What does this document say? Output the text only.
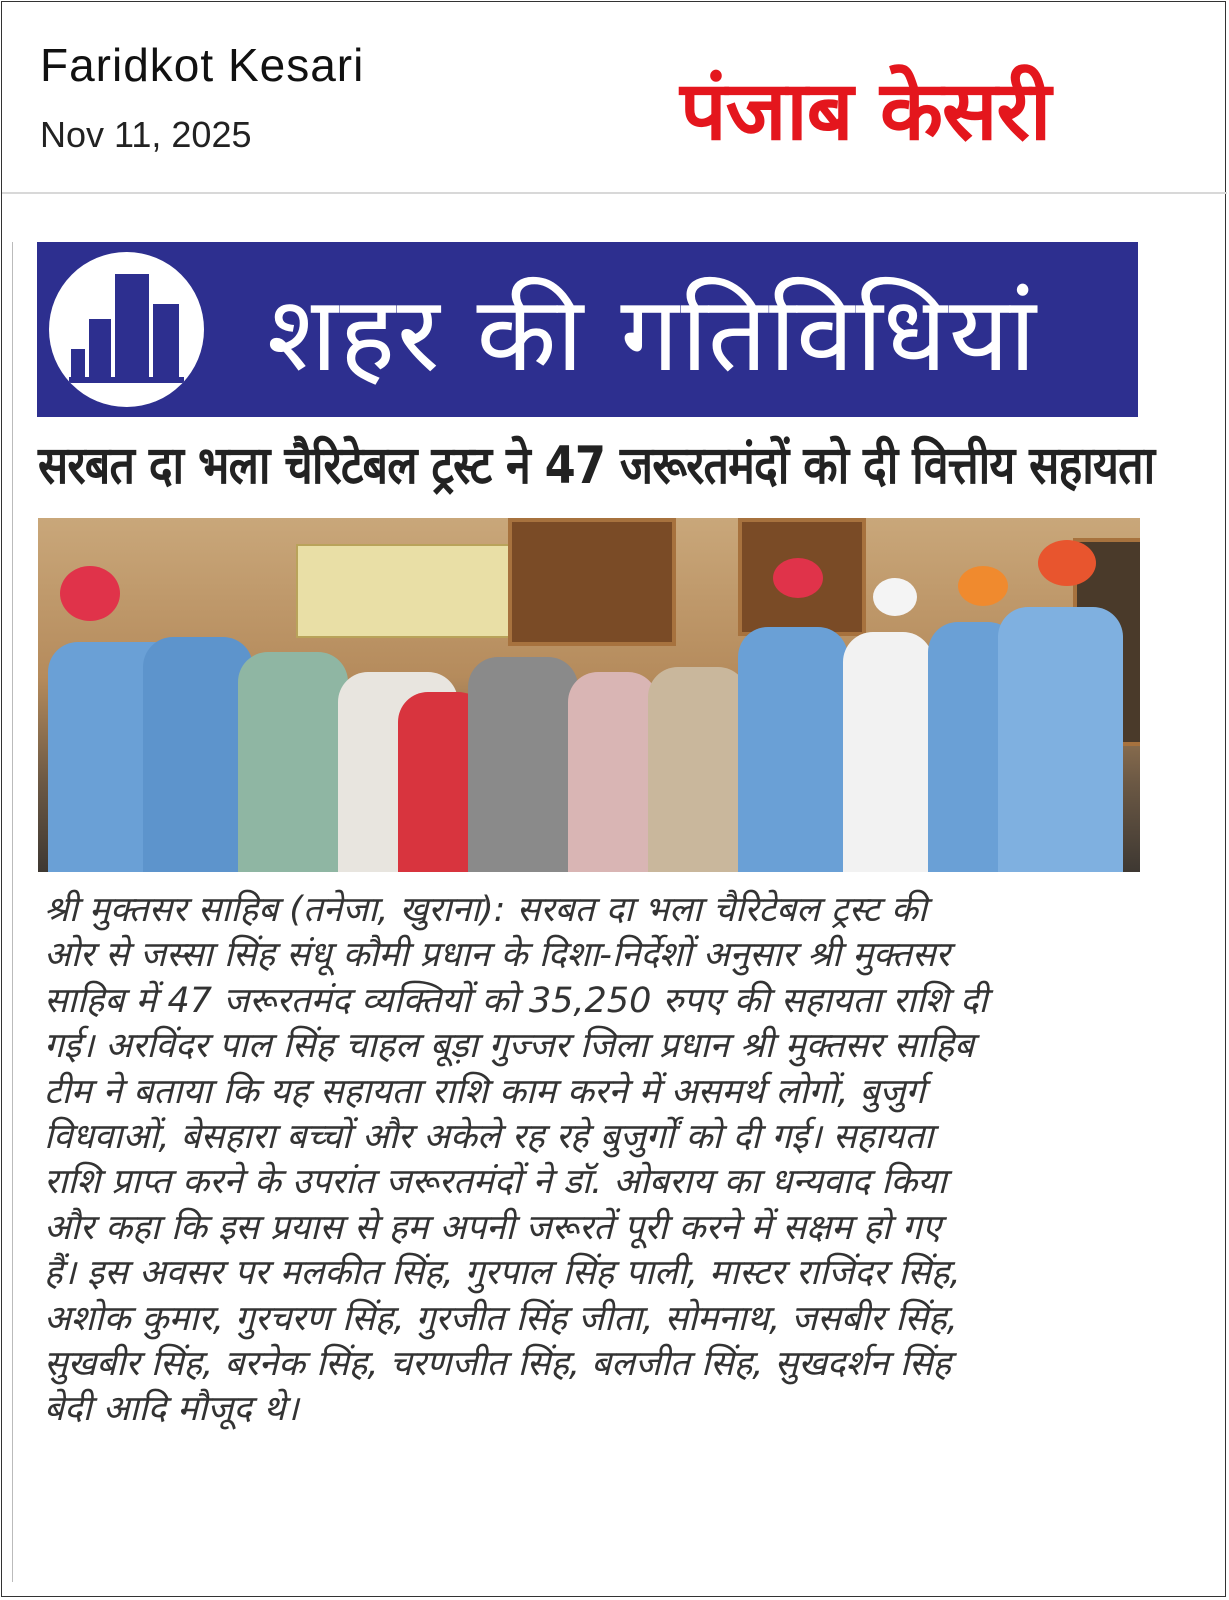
Faridkot Kesari
Nov 11, 2025	पंजाब केसरी
शहर की गतिविधियां
सरबत दा भला चैरिटेबल ट्रस्ट ने 47 जरूरतमंदों को दी वित्तीय सहायता
श्री मुक्तसर साहिब (तनेजा, खुराना): सरबत दा भला चैरिटेबल ट्रस्ट की
ओर से जस्सा सिंह संधू कौमी प्रधान के दिशा-निर्देशों अनुसार श्री मुक्तसर
साहिब में 47 जरूरतमंद व्यक्तियों को 35,250 रुपए की सहायता राशि दी
गई। अरविंदर पाल सिंह चाहल बूड़ा गुज्जर जिला प्रधान श्री मुक्तसर साहिब
टीम ने बताया कि यह सहायता राशि काम करने में असमर्थ लोगों, बुजुर्ग
विधवाओं, बेसहारा बच्चों और अकेले रह रहे बुजुर्गों को दी गई। सहायता
राशि प्राप्त करने के उपरांत जरूरतमंदों ने डॉ. ओबराय का धन्यवाद किया
और कहा कि इस प्रयास से हम अपनी जरूरतें पूरी करने में सक्षम हो गए
हैं। इस अवसर पर मलकीत सिंह, गुरपाल सिंह पाली, मास्टर राजिंदर सिंह,
अशोक कुमार, गुरचरण सिंह, गुरजीत सिंह जीता, सोमनाथ, जसबीर सिंह,
सुखबीर सिंह, बरनेक सिंह, चरणजीत सिंह, बलजीत सिंह, सुखदर्शन सिंह
बेदी आदि मौजूद थे।
